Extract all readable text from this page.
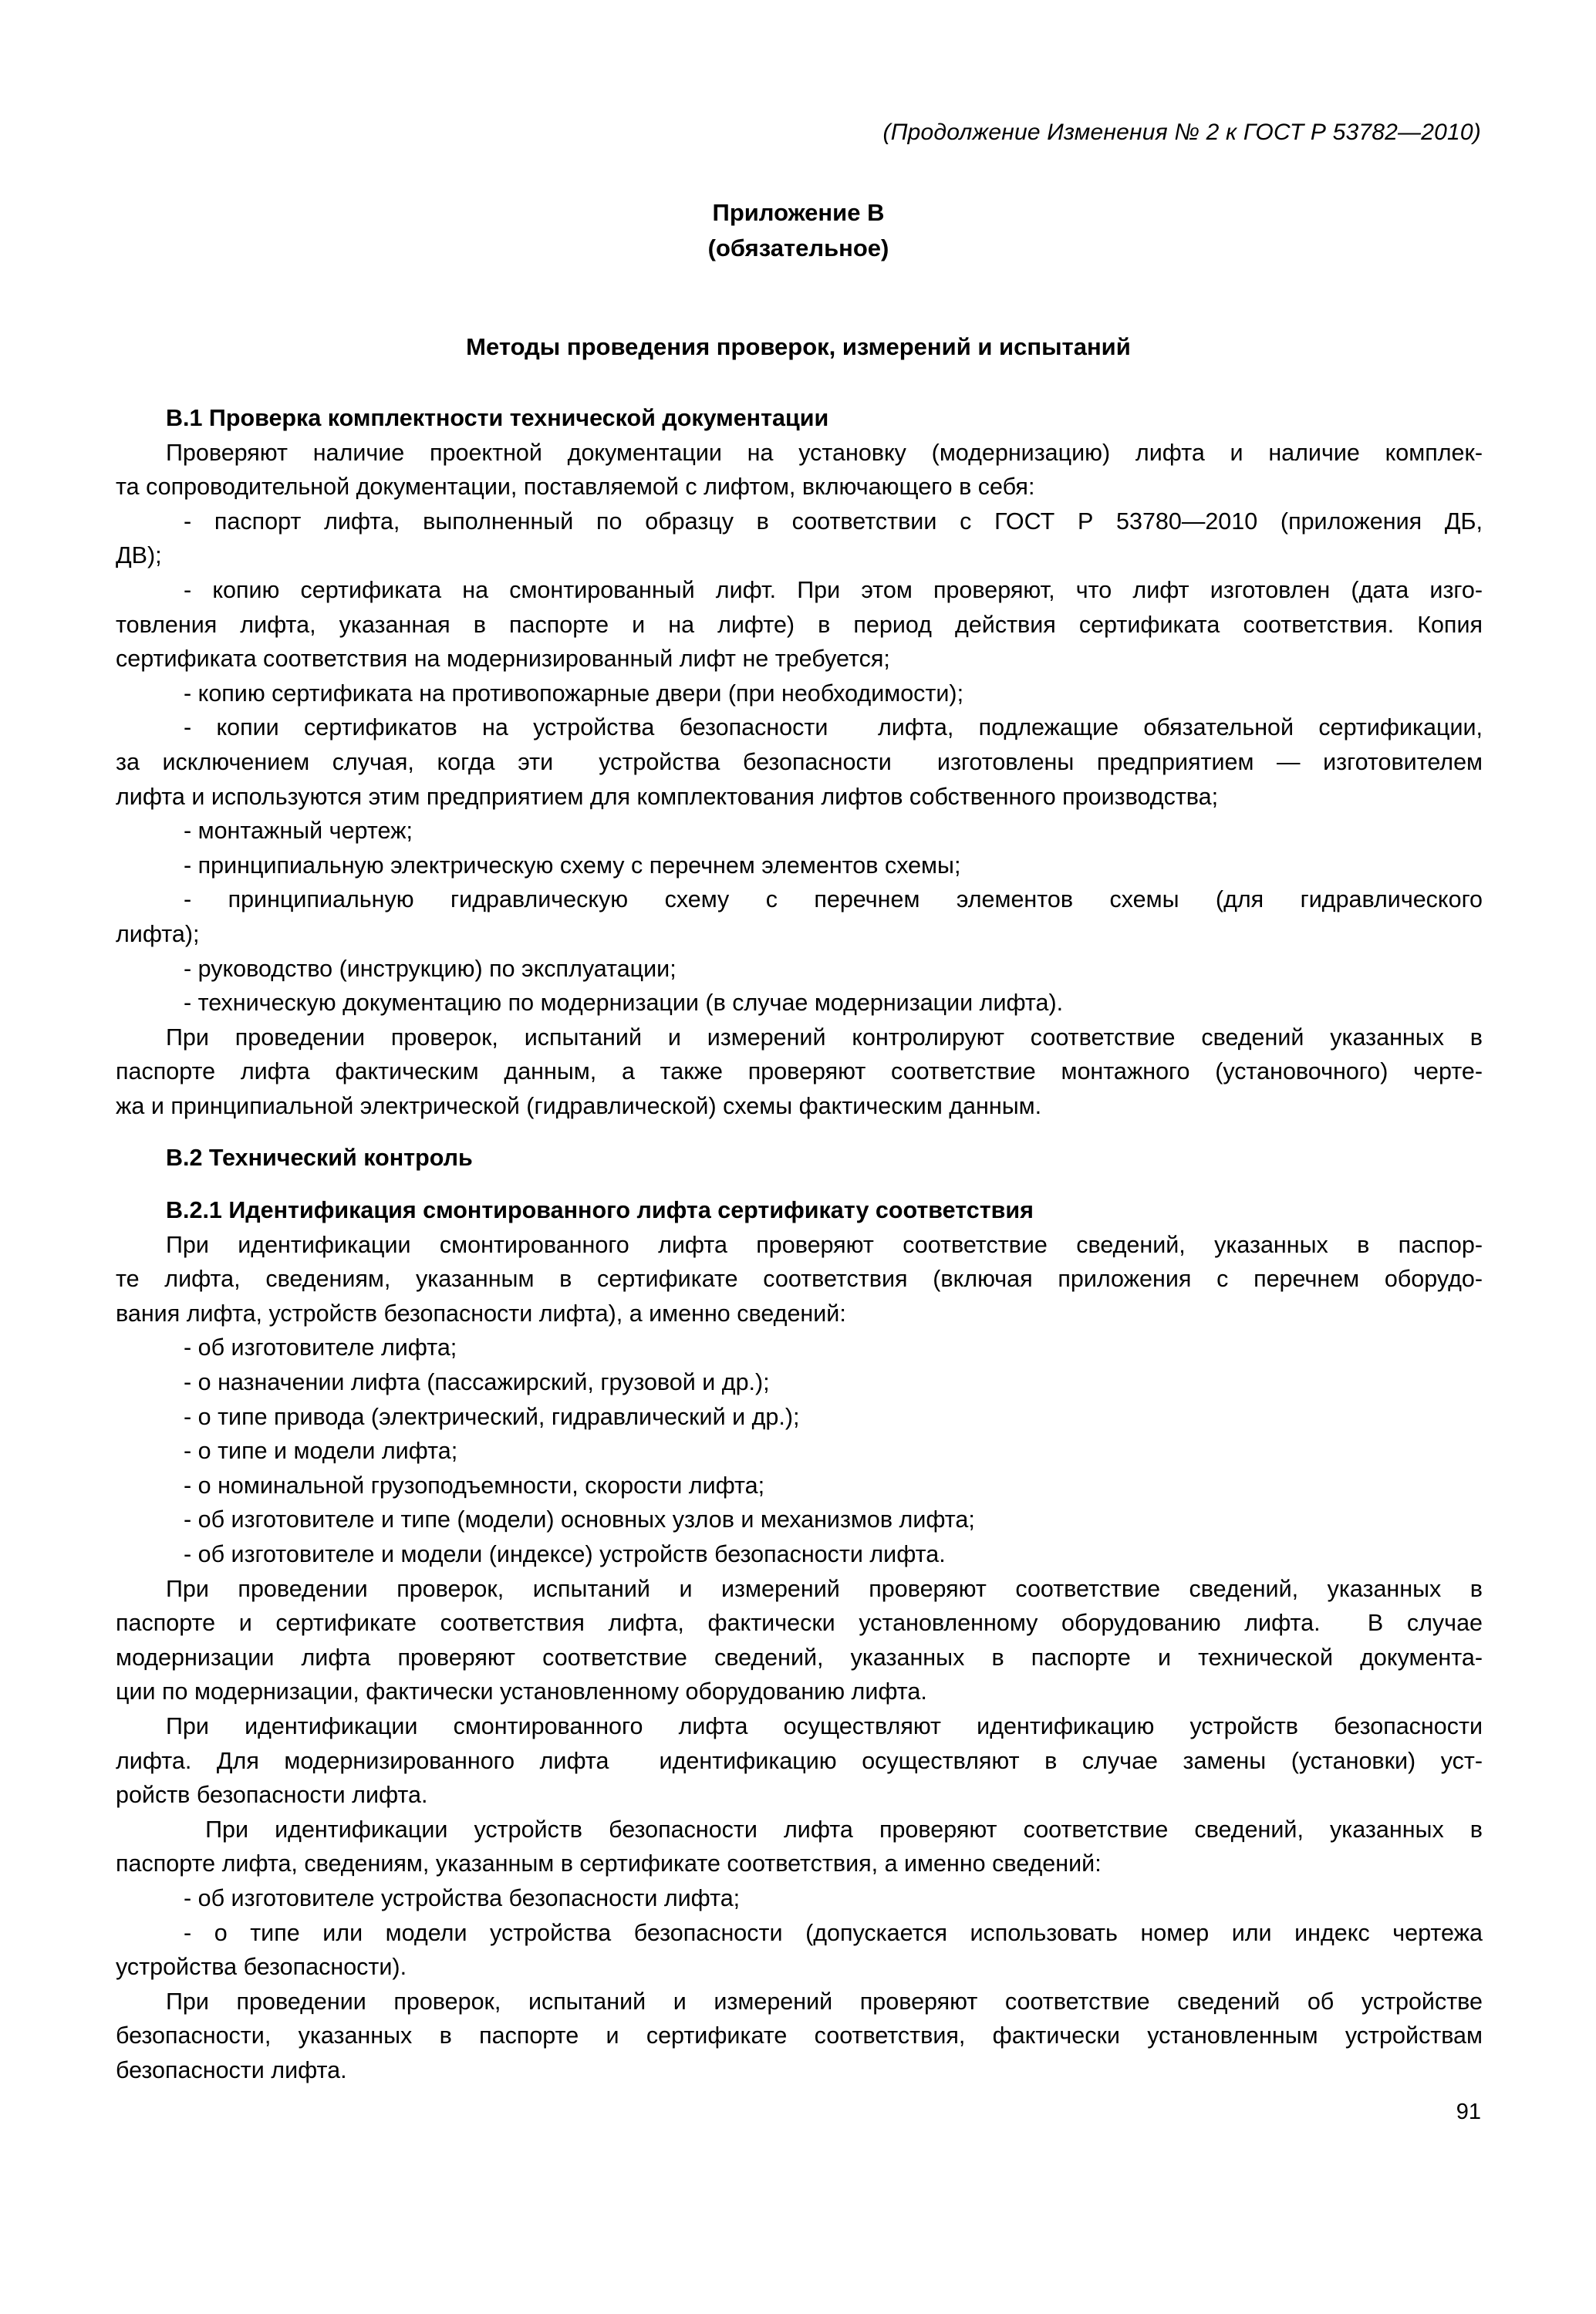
(Продолжение Изменения № 2 к ГОСТ Р 53782—2010)
Приложение В
(обязательное)
Методы проведения проверок, измерений и испытаний
В.1 Проверка комплектности технической документации
Проверяют наличие проектной документации на установку (модернизацию) лифта и наличие комплек-
та сопроводительной документации, поставляемой с лифтом, включающего в себя:
- паспорт лифта, выполненный по образцу в соответствии с ГОСТ Р 53780—2010 (приложения ДБ,
ДВ);
- копию сертификата на смонтированный лифт. При этом проверяют, что лифт изготовлен (дата изго-
товления лифта, указанная в паспорте и на лифте) в период действия сертификата соответствия. Копия
сертификата соответствия на модернизированный лифт не требуется;
- копию сертификата на противопожарные двери (при необходимости);
- копии сертификатов на устройства безопасности  лифта, подлежащие обязательной сертификации,
за исключением случая, когда эти  устройства безопасности  изготовлены предприятием — изготовителем
лифта и используются этим предприятием для комплектования лифтов собственного производства;
- монтажный чертеж;
- принципиальную электрическую схему с перечнем элементов схемы;
-  принципиальную  гидравлическую  схему  с  перечнем  элементов  схемы  (для  гидравлического
лифта);
- руководство (инструкцию) по эксплуатации;
- техническую документацию по модернизации (в случае модернизации лифта).
При проведении проверок, испытаний и измерений контролируют соответствие сведений указанных в
паспорте лифта фактическим данным, а также проверяют соответствие монтажного (установочного) черте-
жа и принципиальной электрической (гидравлической) схемы фактическим данным.
В.2 Технический контроль
В.2.1 Идентификация смонтированного лифта сертификату соответствия
При идентификации смонтированного лифта проверяют соответствие сведений, указанных в паспор-
те лифта, сведениям, указанным в сертификате соответствия (включая приложения с перечнем оборудо-
вания лифта, устройств безопасности лифта), а именно сведений:
- об изготовителе лифта;
- о назначении лифта (пассажирский, грузовой и др.);
- о типе привода (электрический, гидравлический и др.);
- о типе и модели лифта;
- о номинальной грузоподъемности, скорости лифта;
- об изготовителе и типе (модели) основных узлов и механизмов лифта;
- об изготовителе и модели (индексе) устройств безопасности лифта.
При проведении проверок, испытаний и измерений проверяют соответствие сведений, указанных в
паспорте и сертификате соответствия лифта, фактически установленному оборудованию лифта.  В случае
модернизации лифта проверяют соответствие сведений, указанных в паспорте и технической документа-
ции по модернизации, фактически установленному оборудованию лифта.
При идентификации смонтированного лифта осуществляют идентификацию устройств безопасности
лифта. Для модернизированного лифта  идентификацию осуществляют в случае замены (установки) уст-
ройств безопасности лифта.
При идентификации устройств безопасности лифта проверяют соответствие сведений, указанных в
паспорте лифта, сведениям, указанным в сертификате соответствия, а именно сведений:
- об изготовителе устройства безопасности лифта;
- о типе или модели устройства безопасности (допускается использовать номер или индекс чертежа
устройства безопасности).
При проведении проверок, испытаний и измерений проверяют соответствие сведений об устройстве
безопасности, указанных в паспорте и сертификате соответствия, фактически установленным устройствам
безопасности лифта.
91
